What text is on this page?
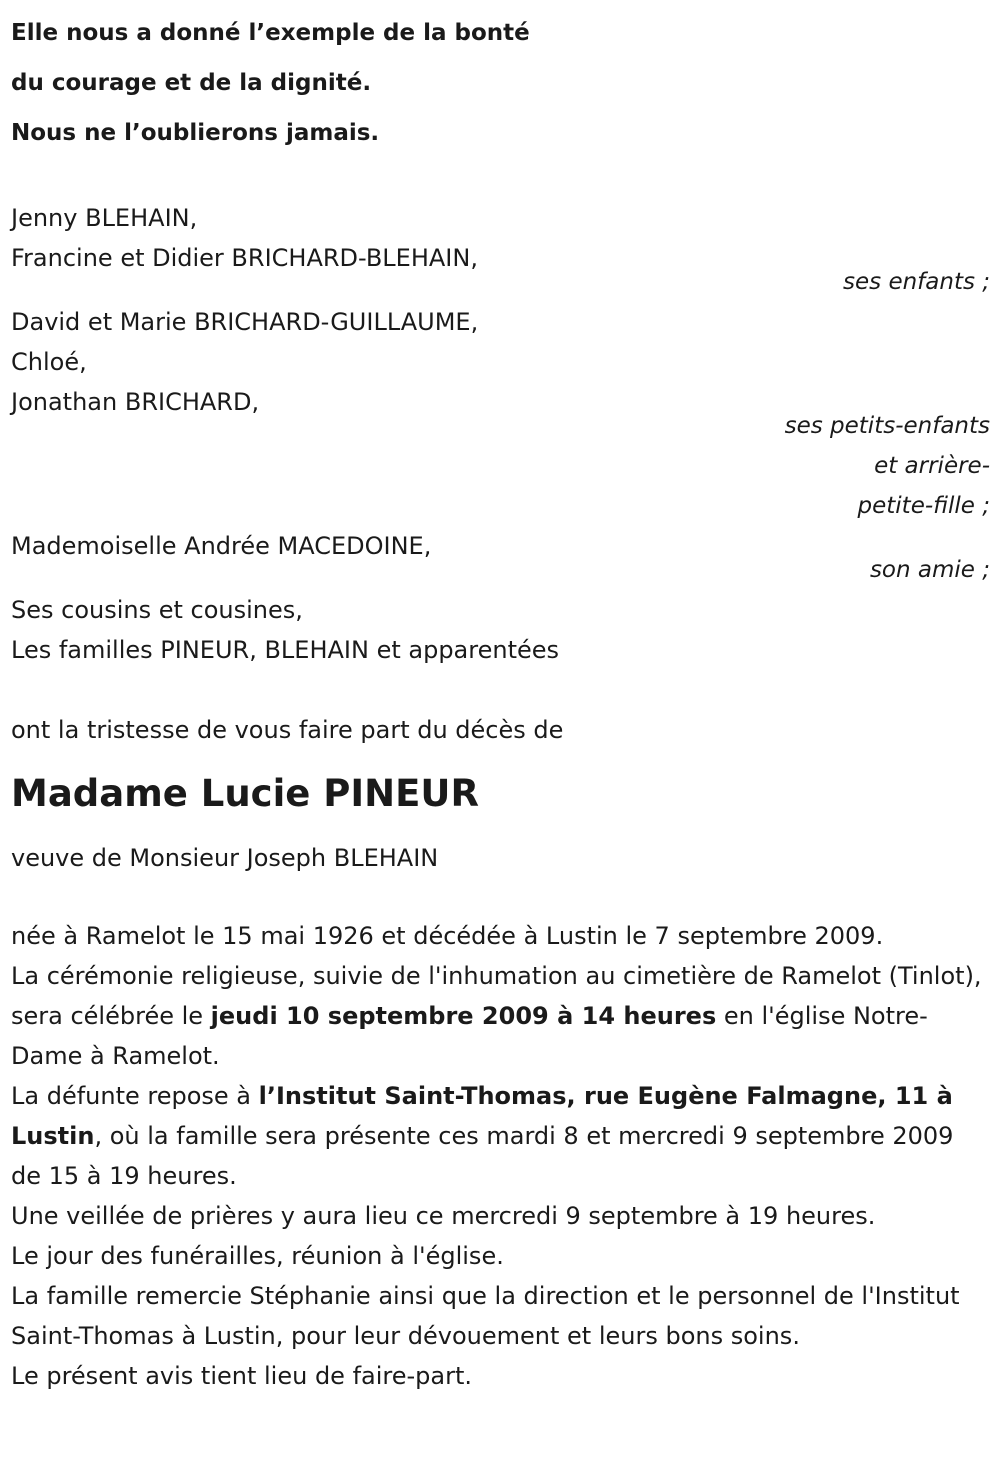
Elle nous a donné l’exemple de la bonté
du courage et de la dignité.
Nous ne l’oublierons jamais.
Jenny BLEHAIN,
Francine et Didier BRICHARD-BLEHAIN,
ses enfants ;
David et Marie BRICHARD-GUILLAUME,
Chloé,
Jonathan BRICHARD,
ses petits-enfants
et arrière-
petite-fille ;
Mademoiselle Andrée MACEDOINE,
son amie ;
Ses cousins et cousines,
Les familles PINEUR, BLEHAIN et apparentées
ont la tristesse de vous faire part du décès de
Madame Lucie PINEUR
veuve de Monsieur Joseph BLEHAIN
née à Ramelot le 15 mai 1926 et décédée à Lustin le 7 septembre 2009.
La cérémonie religieuse, suivie de l'inhumation au cimetière de Ramelot (Tinlot), sera célébrée le jeudi 10 septembre 2009 à 14 heures en l'église Notre-Dame à Ramelot.
La défunte repose à l’Institut Saint-Thomas, rue Eugène Falmagne, 11 à Lustin, où la famille sera présente ces mardi 8 et mercredi 9 septembre 2009 de 15 à 19 heures.
Une veillée de prières y aura lieu ce mercredi 9 septembre à 19 heures.
Le jour des funérailles, réunion à l'église.
La famille remercie Stéphanie ainsi que la direction et le personnel de l'Institut Saint-Thomas à Lustin, pour leur dévouement et leurs bons soins.
Le présent avis tient lieu de faire-part.
